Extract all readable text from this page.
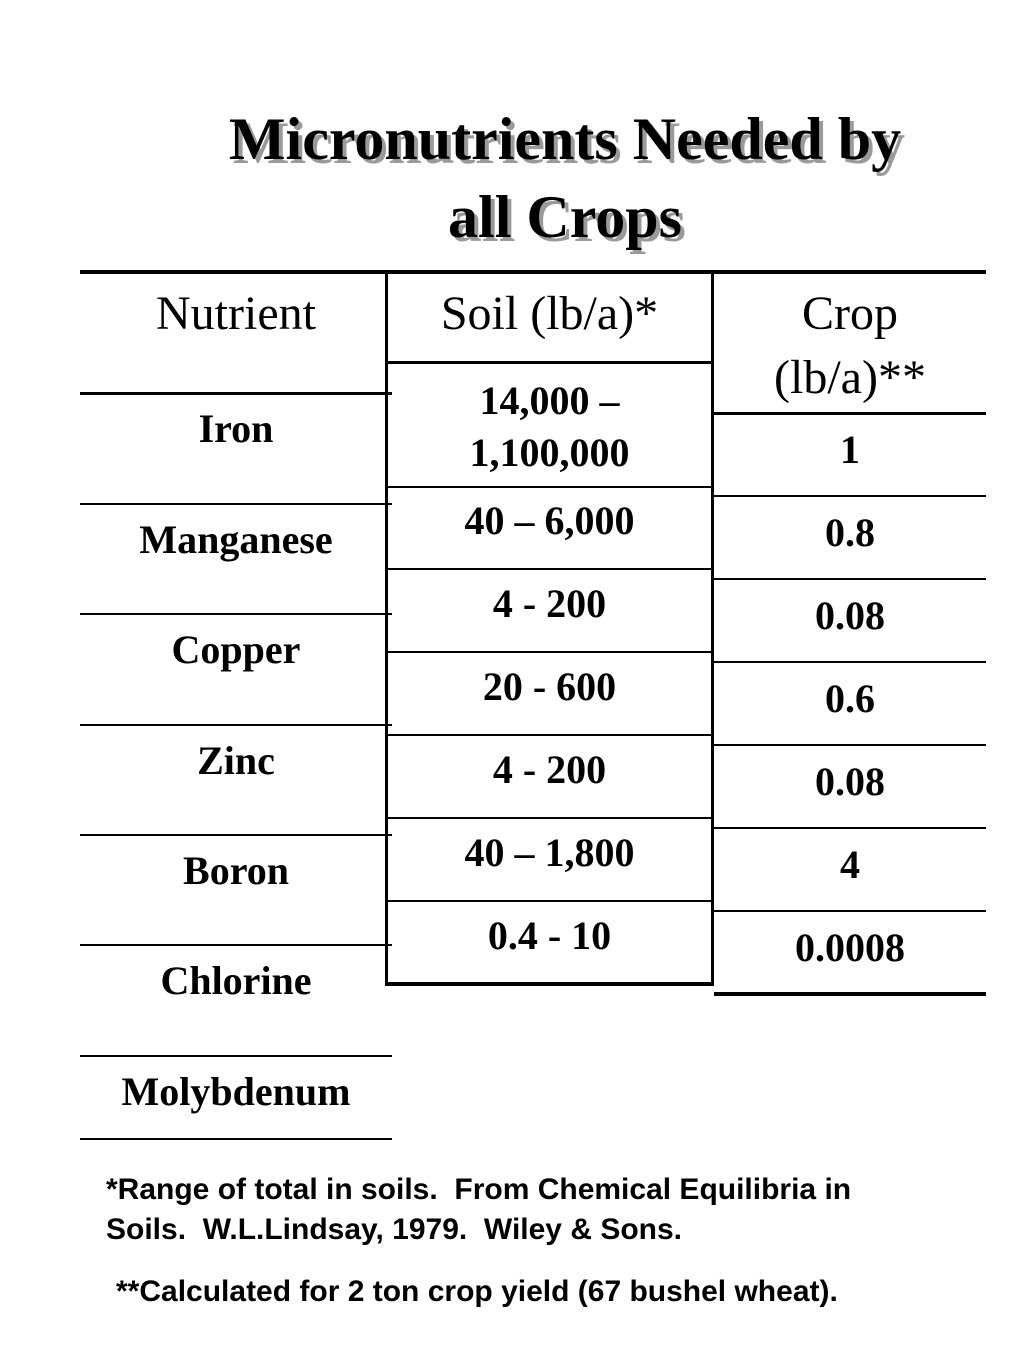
Micronutrients Needed by
all Crops
Nutrient	Soil (lb/a)*	Crop
(lb/a)**
Iron
Manganese
Copper
Zinc
Boron
Chlorine
Molybdenum
14,000 –
1,100,000
40 – 6,000
4 - 200
20 - 600
4 - 200
40 – 1,800
0.4 - 10
1
0.8
0.08
0.6
0.08
4
0.0008
*Range of total in soils.  From Chemical Equilibria in
Soils.  W.L.Lindsay, 1979.  Wiley & Sons.
**Calculated for 2 ton crop yield (67 bushel wheat).
